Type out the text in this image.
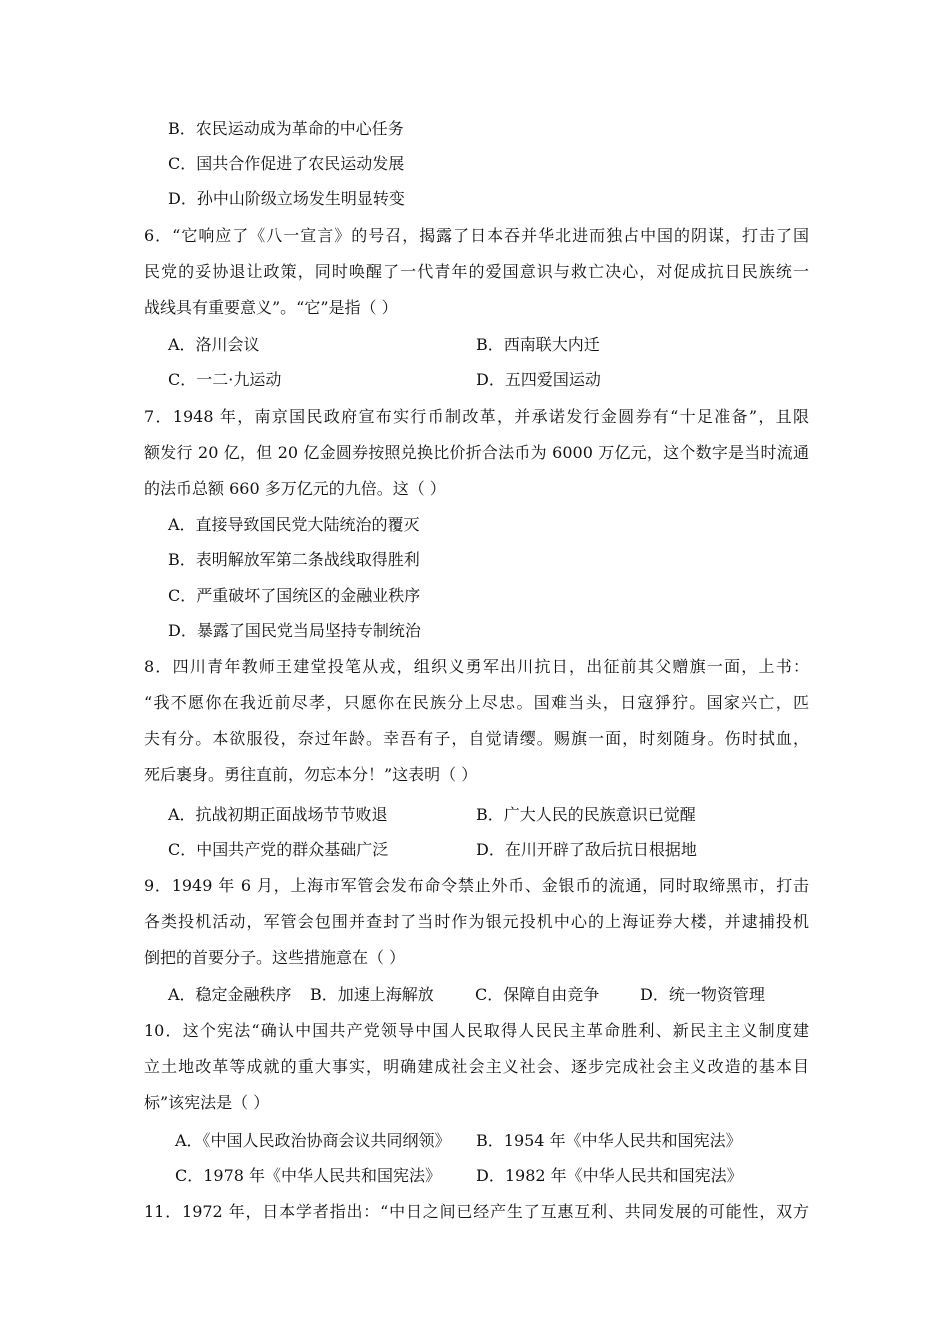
B．农民运动成为革命的中心任务
C．国共合作促进了农民运动发展
D．孙中山阶级立场发生明显转变
6．“它响应了《八一宣言》的号召，揭露了日本吞并华北进而独占中国的阴谋，打击了国
民党的妥协退让政策，同时唤醒了一代青年的爱国意识与救亡决心，对促成抗日民族统一
战线具有重要意义”。“它”是指（ ）
A．洛川会议	B．西南联大内迁
C．一二·九运动	D．五四爱国运动
7．1948 年，南京国民政府宣布实行币制改革，并承诺发行金圆券有“十足准备”，且限
额发行 20 亿，但 20 亿金圆券按照兑换比价折合法币为 6000 万亿元，这个数字是当时流通
的法币总额 660 多万亿元的九倍。这（ ）
A．直接导致国民党大陆统治的覆灭
B．表明解放军第二条战线取得胜利
C．严重破坏了国统区的金融业秩序
D．暴露了国民党当局坚持专制统治
8．四川青年教师王建堂投笔从戎，组织义勇军出川抗日，出征前其父赠旗一面，上书：
“我不愿你在我近前尽孝，只愿你在民族分上尽忠。国难当头，日寇猙狞。国家兴亡，匹
夫有分。本欲服役，奈过年龄。幸吾有子，自觉请缨。赐旗一面，时刻随身。伤时拭血，
死后裹身。勇往直前，勿忘本分！”这表明（ ）
A．抗战初期正面战场节节败退	B．广大人民的民族意识已觉醒
C．中国共产党的群众基础广泛	D．在川开辟了敌后抗日根据地
9．1949 年 6 月，上海市军管会发布命令禁止外币、金银币的流通，同时取缔黑市，打击
各类投机活动，军管会包围并查封了当时作为银元投机中心的上海证券大楼，并逮捕投机
倒把的首要分子。这些措施意在（ ）
A．稳定金融秩序 B．加速上海解放	C．保障自由竞争	D．统一物资管理
10．这个宪法“确认中国共产党领导中国人民取得人民民主革命胜利、新民主主义制度建
立土地改革等成就的重大事实，明确建成社会主义社会、逐步完成社会主义改造的基本目
标”该宪法是（ ）
A．《中国人民政治协商会议共同纲领》 B．1954 年《中华人民共和国宪法》
C．1978 年《中华人民共和国宪法》 D．1982 年《中华人民共和国宪法》
11．1972 年，日本学者指出：“中日之间已经产生了互惠互利、共同发展的可能性，双方
